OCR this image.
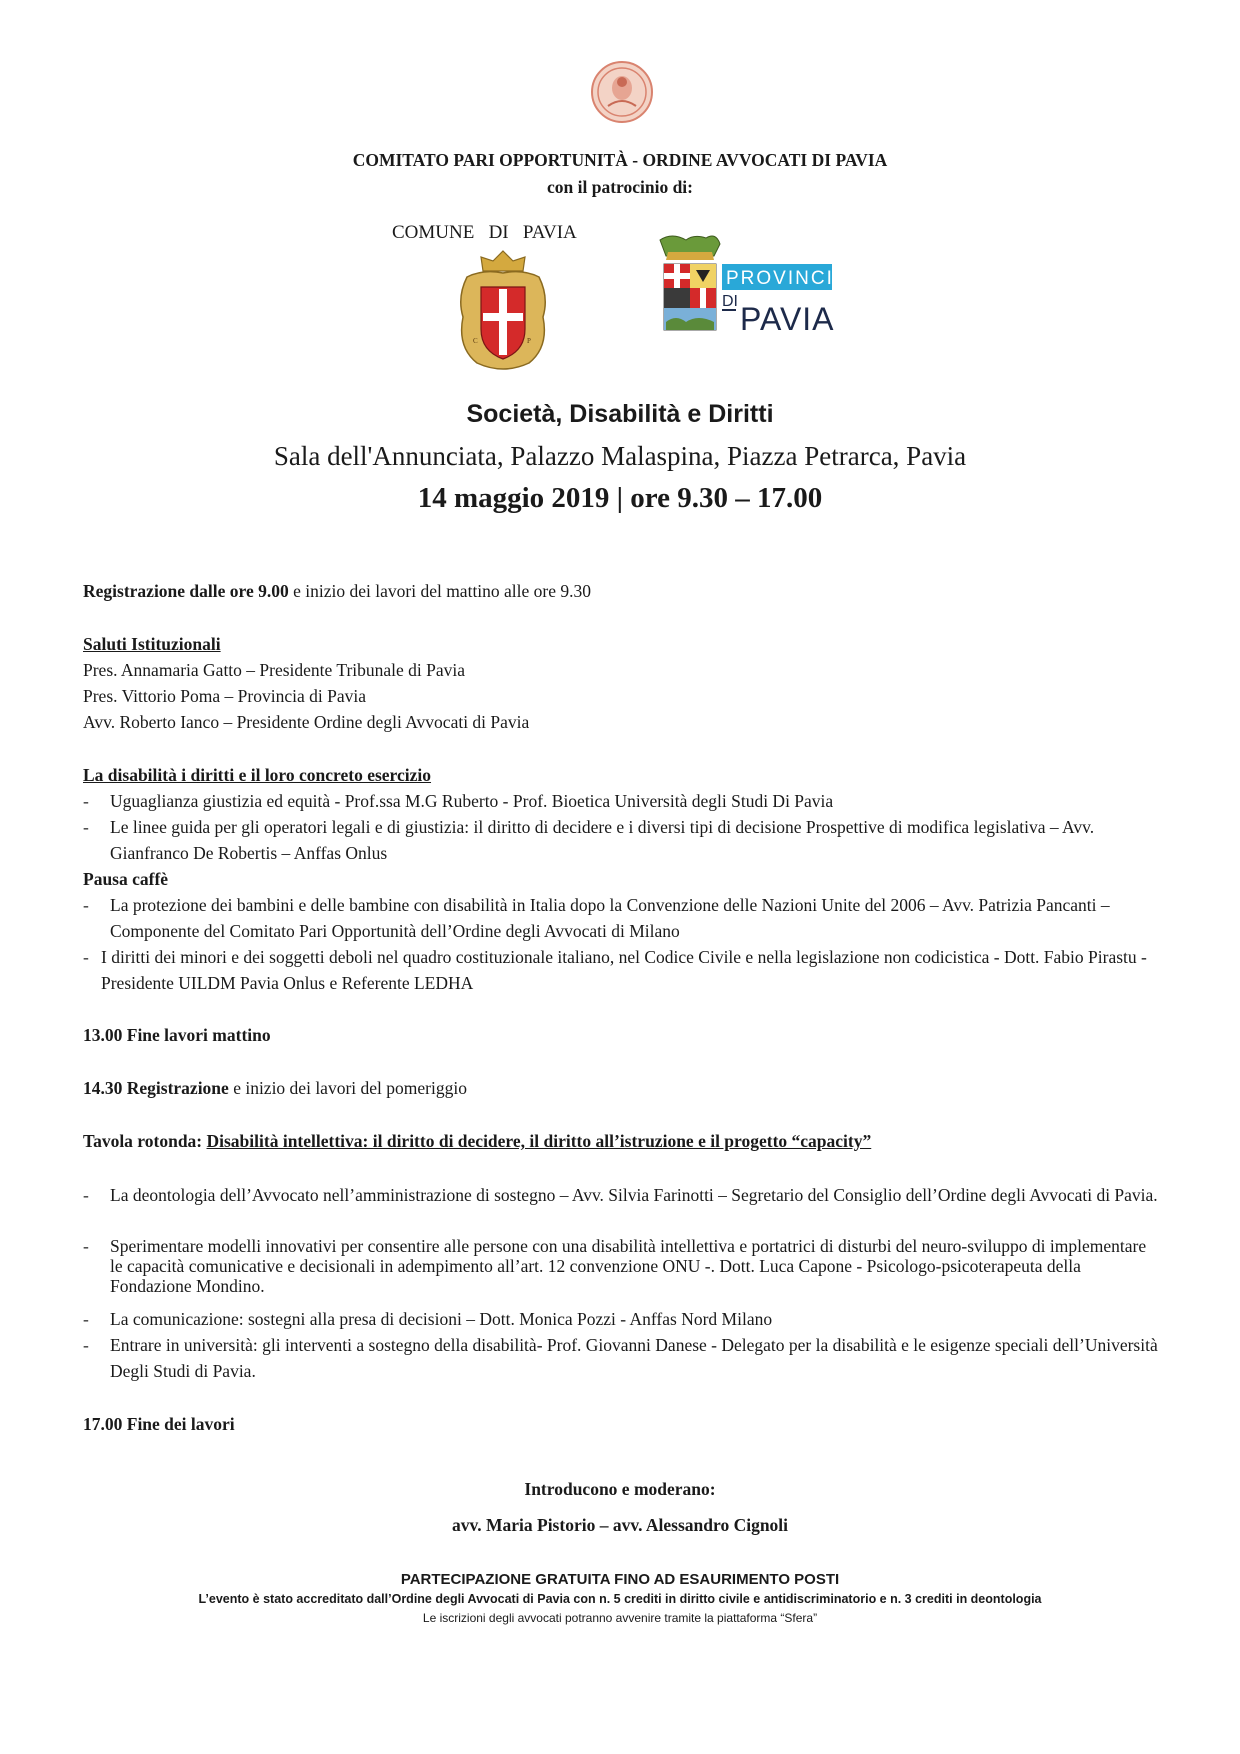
COMITATO PARI OPPORTUNITÀ - ORDINE AVVOCATI DI PAVIA
con il patrocinio di:
COMUNE   DI   PAVIA
C	P
PROVINCIA
DI PAVIA
Società, Disabilità e Diritti
Sala dell'Annunciata, Palazzo Malaspina, Piazza Petrarca, Pavia
14 maggio 2019 | ore 9.30 – 17.00
Registrazione dalle ore 9.00 e inizio dei lavori del mattino alle ore 9.30
Saluti Istituzionali
Pres. Annamaria Gatto – Presidente Tribunale di Pavia
Pres. Vittorio Poma – Provincia di Pavia
Avv. Roberto Ianco – Presidente Ordine degli Avvocati di Pavia
La disabilità i diritti e il loro concreto esercizio
-	Uguaglianza giustizia ed equità - Prof.ssa M.G Ruberto - Prof. Bioetica Università degli Studi Di Pavia
-	Le linee guida per gli operatori legali e di giustizia: il diritto di decidere e i diversi tipi di decisione Prospettive di modifica legislativa – Avv. Gianfranco De Robertis – Anffas Onlus
Pausa caffè
-	La protezione dei bambini e delle bambine con disabilità in Italia dopo la Convenzione delle Nazioni Unite del 2006 – Avv. Patrizia Pancanti – Componente del Comitato Pari Opportunità dell’Ordine degli Avvocati di Milano
- I diritti dei minori e dei soggetti deboli nel quadro costituzionale italiano, nel Codice Civile e nella legislazione non codicistica - Dott. Fabio Pirastu - Presidente UILDM Pavia Onlus e Referente LEDHA
13.00 Fine lavori mattino
14.30 Registrazione e inizio dei lavori del pomeriggio
Tavola rotonda: Disabilità intellettiva: il diritto di decidere, il diritto all’istruzione e il progetto “capacity”
-	La deontologia dell’Avvocato nell’amministrazione di sostegno – Avv. Silvia Farinotti – Segretario del Consiglio dell’Ordine degli Avvocati di Pavia.
-	Sperimentare modelli innovativi per consentire alle persone con una disabilità intellettiva e portatrici di disturbi del neuro-sviluppo di implementare le capacità comunicative e decisionali in adempimento all’art. 12 convenzione ONU -. Dott. Luca Capone - Psicologo-psicoterapeuta della Fondazione Mondino.
-	La comunicazione: sostegni alla presa di decisioni – Dott. Monica Pozzi - Anffas Nord Milano
-	Entrare in università: gli interventi a sostegno della disabilità- Prof. Giovanni Danese - Delegato per la disabilità e le esigenze speciali dell’Università Degli Studi di Pavia.
17.00 Fine dei lavori
Introducono e moderano:
avv. Maria Pistorio – avv. Alessandro Cignoli
PARTECIPAZIONE GRATUITA FINO AD ESAURIMENTO POSTI
L’evento è stato accreditato dall’Ordine degli Avvocati di Pavia con n. 5 crediti in diritto civile e antidiscriminatorio e n. 3 crediti in deontologia
Le iscrizioni degli avvocati potranno avvenire tramite la piattaforma “Sfera”
